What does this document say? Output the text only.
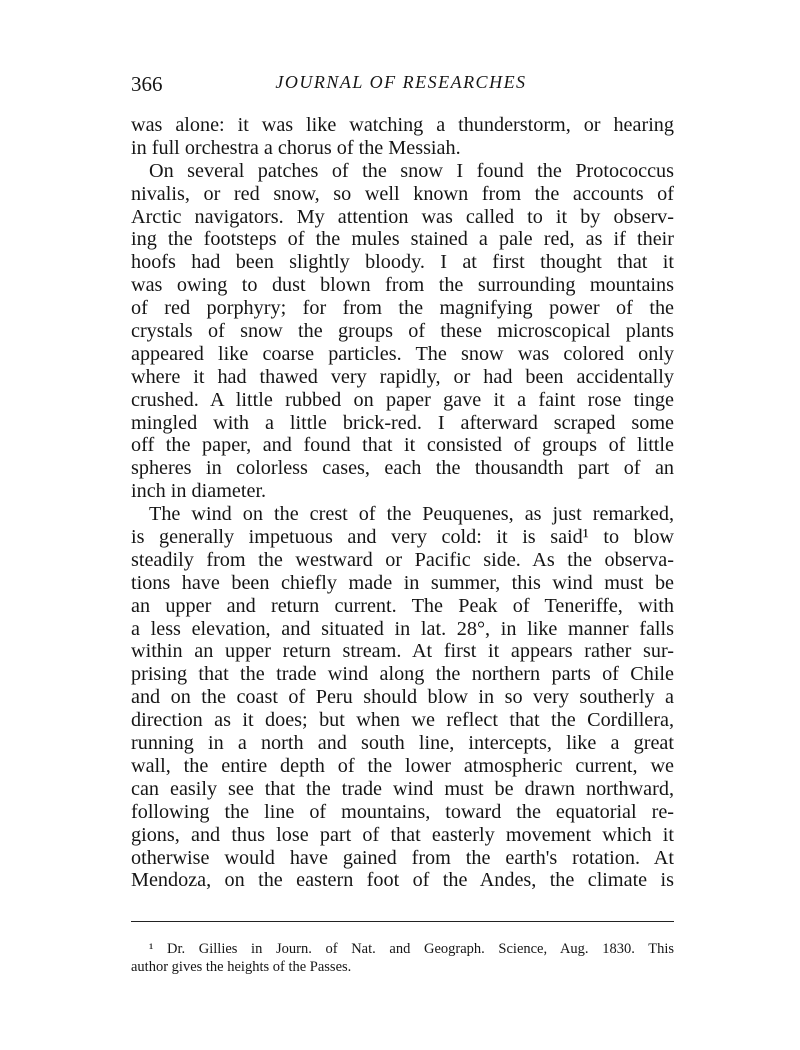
366	JOURNAL OF RESEARCHES
was alone: it was like watching a thunderstorm, or hearing
in full orchestra a chorus of the Messiah.
On several patches of the snow I found the Protococcus
nivalis, or red snow, so well known from the accounts of
Arctic navigators. My attention was called to it by observ-
ing the footsteps of the mules stained a pale red, as if their
hoofs had been slightly bloody. I at first thought that it
was owing to dust blown from the surrounding mountains
of red porphyry; for from the magnifying power of the
crystals of snow the groups of these microscopical plants
appeared like coarse particles. The snow was colored only
where it had thawed very rapidly, or had been accidentally
crushed. A little rubbed on paper gave it a faint rose tinge
mingled with a little brick-red. I afterward scraped some
off the paper, and found that it consisted of groups of little
spheres in colorless cases, each the thousandth part of an
inch in diameter.
The wind on the crest of the Peuquenes, as just remarked,
is generally impetuous and very cold: it is said¹ to blow
steadily from the westward or Pacific side. As the observa-
tions have been chiefly made in summer, this wind must be
an upper and return current. The Peak of Teneriffe, with
a less elevation, and situated in lat. 28°, in like manner falls
within an upper return stream. At first it appears rather sur-
prising that the trade wind along the northern parts of Chile
and on the coast of Peru should blow in so very southerly a
direction as it does; but when we reflect that the Cordillera,
running in a north and south line, intercepts, like a great
wall, the entire depth of the lower atmospheric current, we
can easily see that the trade wind must be drawn northward,
following the line of mountains, toward the equatorial re-
gions, and thus lose part of that easterly movement which it
otherwise would have gained from the earth's rotation. At
Mendoza, on the eastern foot of the Andes, the climate is
¹ Dr. Gillies in Journ. of Nat. and Geograph. Science, Aug. 1830. This
author gives the heights of the Passes.
